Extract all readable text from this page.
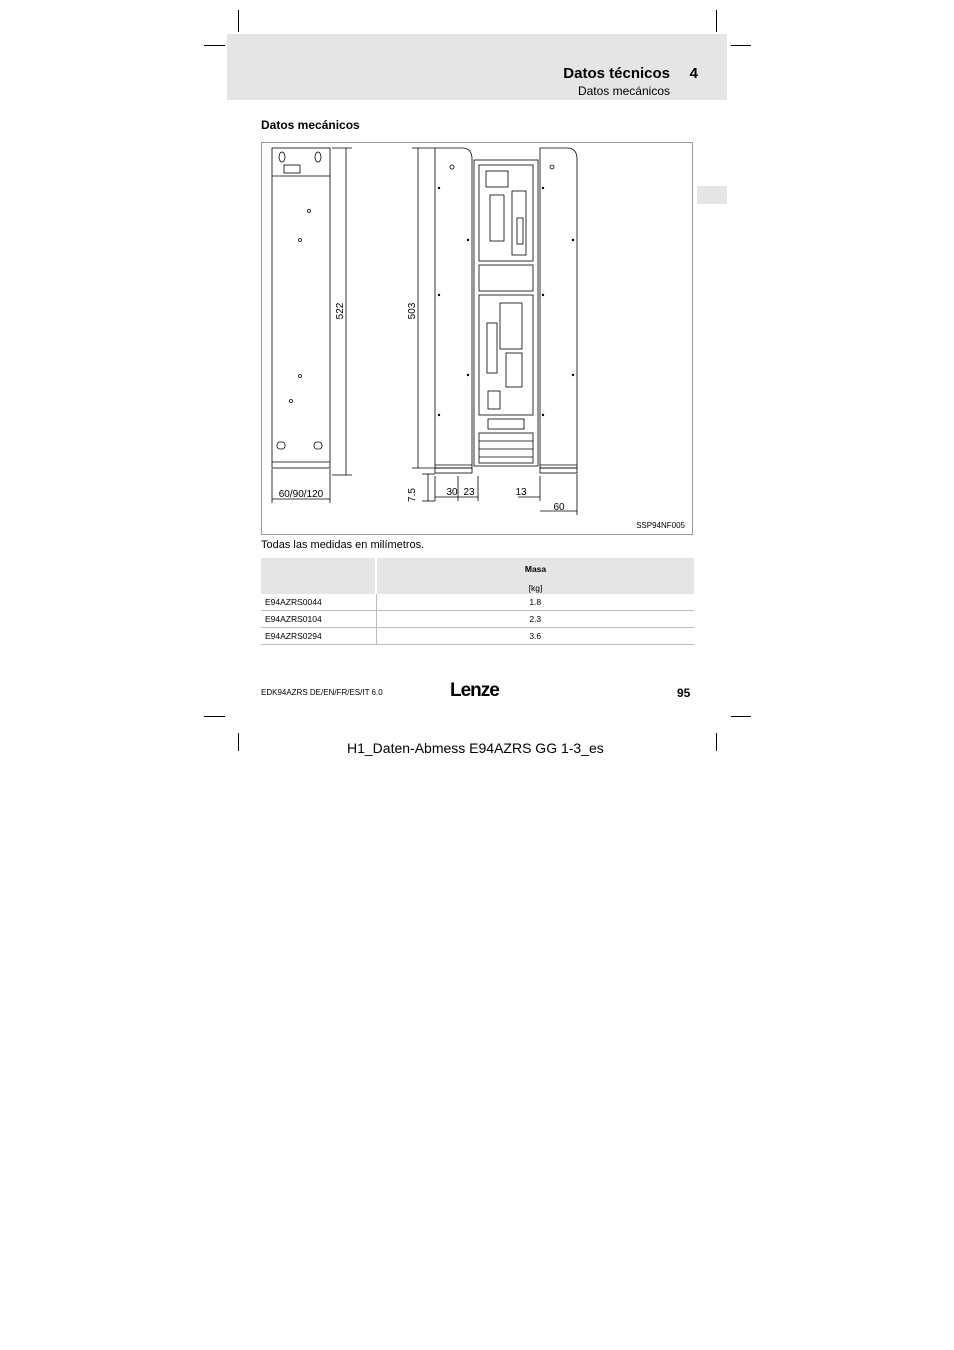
Datos técnicos 4
Datos mecánicos
Datos mecánicos
522	503
60/90/120	7.5	30 23	13
60
SSP94NF005
Todas las medidas en milímetros.

	Masa
[kg]

E94AZRS0044	1.8
E94AZRS0104	2.3
E94AZRS0294	3.6
EDK94AZRS DE/EN/FR/ES/IT 6.0	Lenze	95
H1_Daten-Abmess E94AZRS GG 1-3_es
